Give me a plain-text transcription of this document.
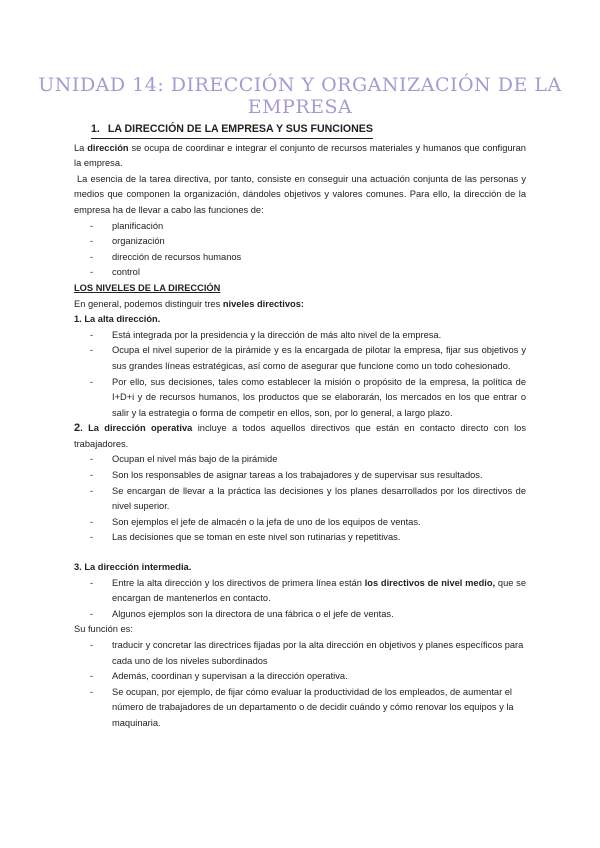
UNIDAD 14: DIRECCIÓN Y ORGANIZACIÓN DE LA EMPRESA
1. LA DIRECCIÓN DE LA EMPRESA Y SUS FUNCIONES

La dirección se ocupa de coordinar e integrar el conjunto de recursos materiales y humanos que configuran la empresa.

La esencia de la tarea directiva, por tanto, consiste en conseguir una actuación conjunta de las personas y medios que componen la organización, dándoles objetivos y valores comunes. Para ello, la dirección de la empresa ha de llevar a cabo las funciones de:

- planificación
- organización
- dirección de recursos humanos
- control

LOS NIVELES DE LA DIRECCIÓN

En general, podemos distinguir tres niveles directivos:

1. La alta dirección.

- Está integrada por la presidencia y la dirección de más alto nivel de la empresa.
- Ocupa el nivel superior de la pirámide y es la encargada de pilotar la empresa, fijar sus objetivos y sus grandes líneas estratégicas, así como de asegurar que funcione como un todo cohesionado.
- Por ello, sus decisiones, tales como establecer la misión o propósito de la empresa, la política de I+D+i y de recursos humanos, los productos que se elaborarán, los mercados en los que entrar o salir y la estrategia o forma de competir en ellos, son, por lo general, a largo plazo.

2. La dirección operativa incluye a todos aquellos directivos que están en contacto directo con los trabajadores.

- Ocupan el nivel más bajo de la pirámide
- Son los responsables de asignar tareas a los trabajadores y de supervisar sus resultados.
- Se encargan de llevar a la práctica las decisiones y los planes desarrollados por los directivos de nivel superior.
- Son ejemplos el jefe de almacén o la jefa de uno de los equipos de ventas.
- Las decisiones que se toman en este nivel son rutinarias y repetitivas.

3. La dirección intermedia.

- Entre la alta dirección y los directivos de primera línea están los directivos de nivel medio, que se encargan de mantenerlos en contacto.
- Algunos ejemplos son la directora de una fábrica o el jefe de ventas.

Su función es:

- traducir y concretar las directrices fijadas por la alta dirección en objetivos y planes específicos para cada uno de los niveles subordinados
- Además, coordinan y supervisan a la dirección operativa.
- Se ocupan, por ejemplo, de fijar cómo evaluar la productividad de los empleados, de aumentar el número de trabajadores de un departamento o de decidir cuándo y cómo renovar los equipos y la maquinaria.
